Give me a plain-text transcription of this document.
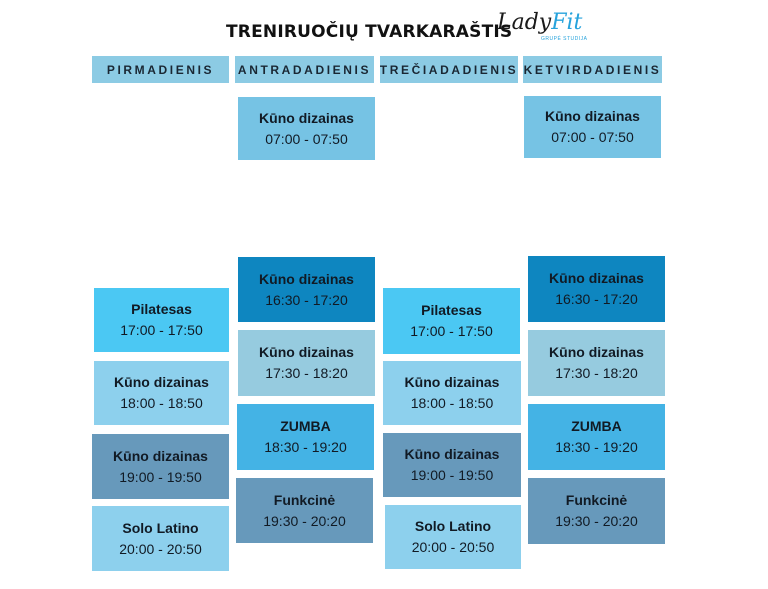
TRENIRUOČIŲ TVARKARAŠTIS
LadyFit
GRUPĖ STUDIJA
PIRMADIENIS	ANTRADADIENIS TREČIADADIENIS KETVIRDADIENIS
Pilatesas
17:00 - 17:50
Kūno dizainas
18:00 - 18:50
Kūno dizainas
19:00 - 19:50
Solo Latino
20:00 - 20:50
Kūno dizainas
07:00 - 07:50
Kūno dizainas
16:30 - 17:20
Kūno dizainas
17:30 - 18:20
ZUMBA
18:30 - 19:20
Funkcinė
19:30 - 20:20
Pilatesas
17:00 - 17:50
Kūno dizainas
18:00 - 18:50
Kūno dizainas
19:00 - 19:50
Solo Latino
20:00 - 20:50
Kūno dizainas
07:00 - 07:50
Kūno dizainas
16:30 - 17:20
Kūno dizainas
17:30 - 18:20
ZUMBA
18:30 - 19:20
Funkcinė
19:30 - 20:20
